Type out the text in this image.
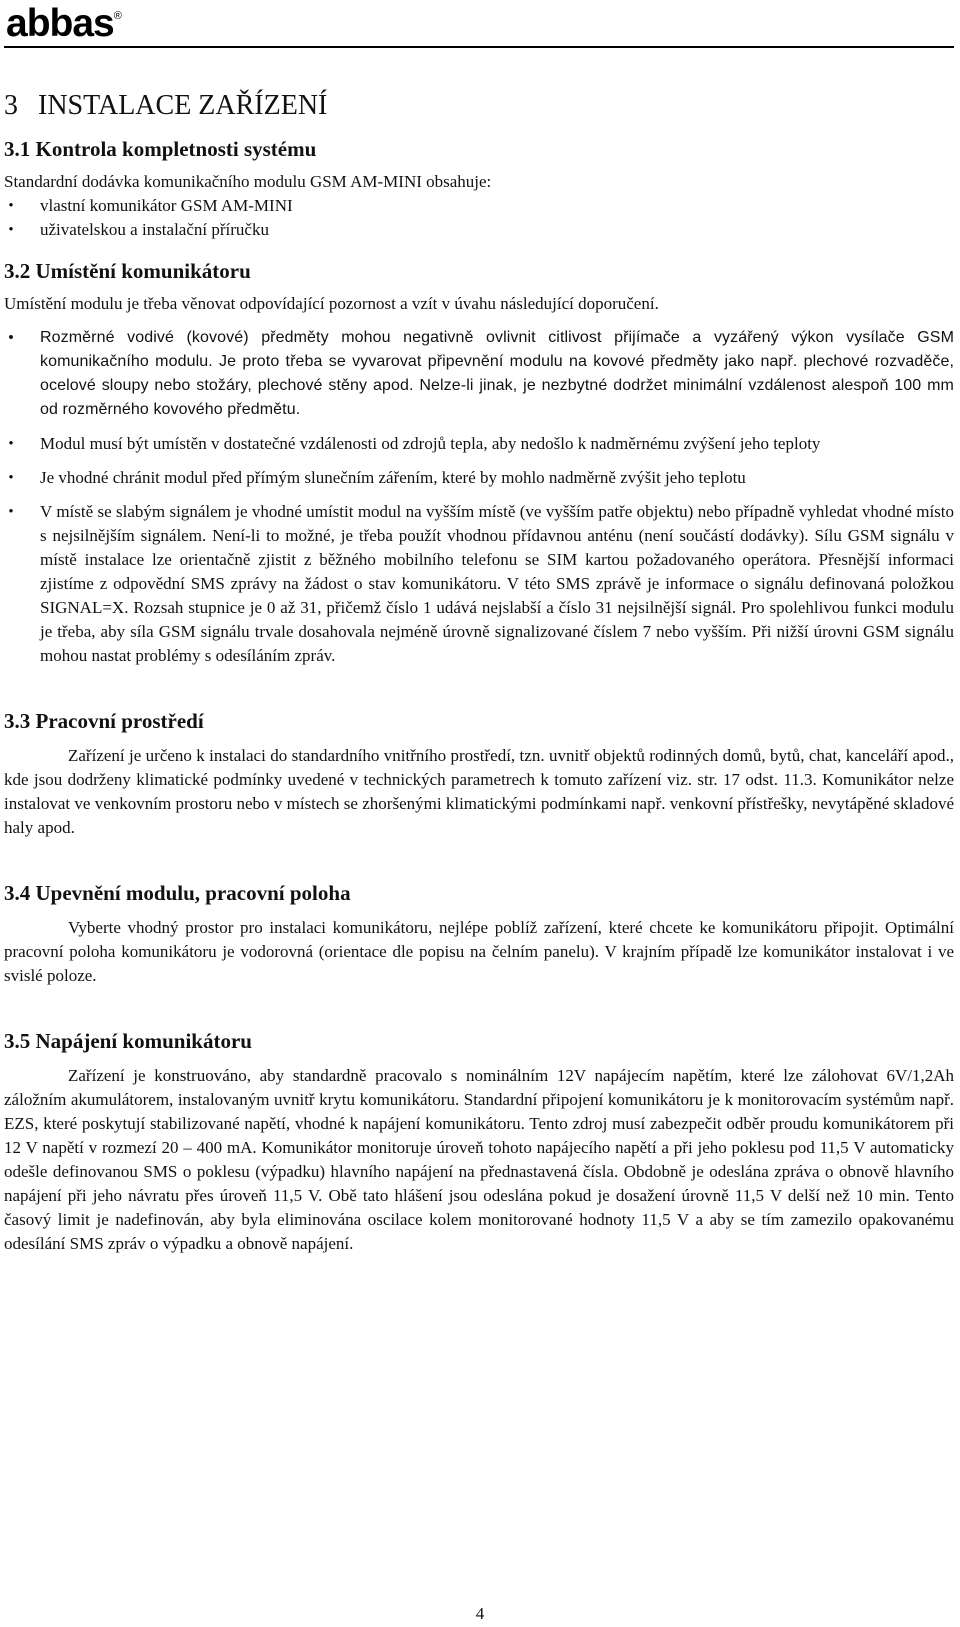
abbas®
3 INSTALACE ZAŘÍZENÍ
3.1 Kontrola kompletnosti systému

Standardní dodávka komunikačního modulu GSM AM-MINI obsahuje:

• vlastní komunikátor GSM AM-MINI
• uživatelskou a instalační příručku
3.2 Umístění komunikátoru

Umístění modulu je třeba věnovat odpovídající pozornost a vzít v úvahu následující doporučení.

• Rozměrné vodivé (kovové) předměty mohou negativně ovlivnit citlivost přijímače a vyzářený výkon vysílače GSM komunikačního modulu. Je proto třeba se vyvarovat připevnění modulu na kovové předměty jako např. plechové rozvaděče, ocelové sloupy nebo stožáry, plechové stěny apod. Nelze-li jinak, je nezbytné dodržet minimální vzdálenost alespoň 100 mm od rozměrného kovového předmětu.
• Modul musí být umístěn v dostatečné vzdálenosti od zdrojů tepla, aby nedošlo k nadměrnému zvýšení jeho teploty
• Je vhodné chránit modul před přímým slunečním zářením, které by mohlo nadměrně zvýšit jeho teplotu
• V místě se slabým signálem je vhodné umístit modul na vyšším místě (ve vyšším patře objektu) nebo případně vyhledat vhodné místo s nejsilnějším signálem. Není-li to možné, je třeba použít vhodnou přídavnou anténu (není součástí dodávky). Sílu GSM signálu v místě instalace lze orientačně zjistit z běžného mobilního telefonu se SIM kartou požadovaného operátora. Přesnější informaci zjistíme z odpovědní SMS zprávy na žádost o stav komunikátoru. V této SMS zprávě je informace o signálu definovaná položkou SIGNAL=X. Rozsah stupnice je 0 až 31, přičemž číslo 1 udává nejslabší a číslo 31 nejsilnější signál. Pro spolehlivou funkci modulu je třeba, aby síla GSM signálu trvale dosahovala nejméně úrovně signalizované číslem 7 nebo vyšším. Při nižší úrovni GSM signálu mohou nastat problémy s odesíláním zpráv.
3.3 Pracovní prostředí

Zařízení je určeno k instalaci do standardního vnitřního prostředí, tzn. uvnitř objektů rodinných domů, bytů, chat, kanceláří apod., kde jsou dodrženy klimatické podmínky uvedené v technických parametrech k tomuto zařízení viz. str. 17 odst. 11.3. Komunikátor nelze instalovat ve venkovním prostoru nebo v místech se zhoršenými klimatickými podmínkami např. venkovní přístřešky, nevytápěné skladové haly apod.

3.4 Upevnění modulu, pracovní poloha

Vyberte vhodný prostor pro instalaci komunikátoru, nejlépe poblíž zařízení, které chcete ke komunikátoru připojit. Optimální pracovní poloha komunikátoru je vodorovná (orientace dle popisu na čelním panelu). V krajním případě lze komunikátor instalovat i ve svislé poloze.

3.5 Napájení komunikátoru

Zařízení je konstruováno, aby standardně pracovalo s nominálním 12V napájecím napětím, které lze zálohovat 6V/1,2Ah záložním akumulátorem, instalovaným uvnitř krytu komunikátoru. Standardní připojení komunikátoru je k monitorovacím systémům např. EZS, které poskytují stabilizované napětí, vhodné k napájení komunikátoru. Tento zdroj musí zabezpečit odběr proudu komunikátorem při 12 V napětí v rozmezí 20 – 400 mA. Komunikátor monitoruje úroveň tohoto napájecího napětí a při jeho poklesu pod 11,5 V automaticky odešle definovanou SMS o poklesu (výpadku) hlavního napájení na přednastavená čísla. Obdobně je odeslána zpráva o obnově hlavního napájení při jeho návratu přes úroveň 11,5 V. Obě tato hlášení jsou odeslána pokud je dosažení úrovně 11,5 V delší než 10 min. Tento časový limit je nadefinován, aby byla eliminována oscilace kolem monitorované hodnoty 11,5 V a aby se tím zamezilo opakovanému odesílání SMS zpráv o výpadku a obnově napájení.

4
